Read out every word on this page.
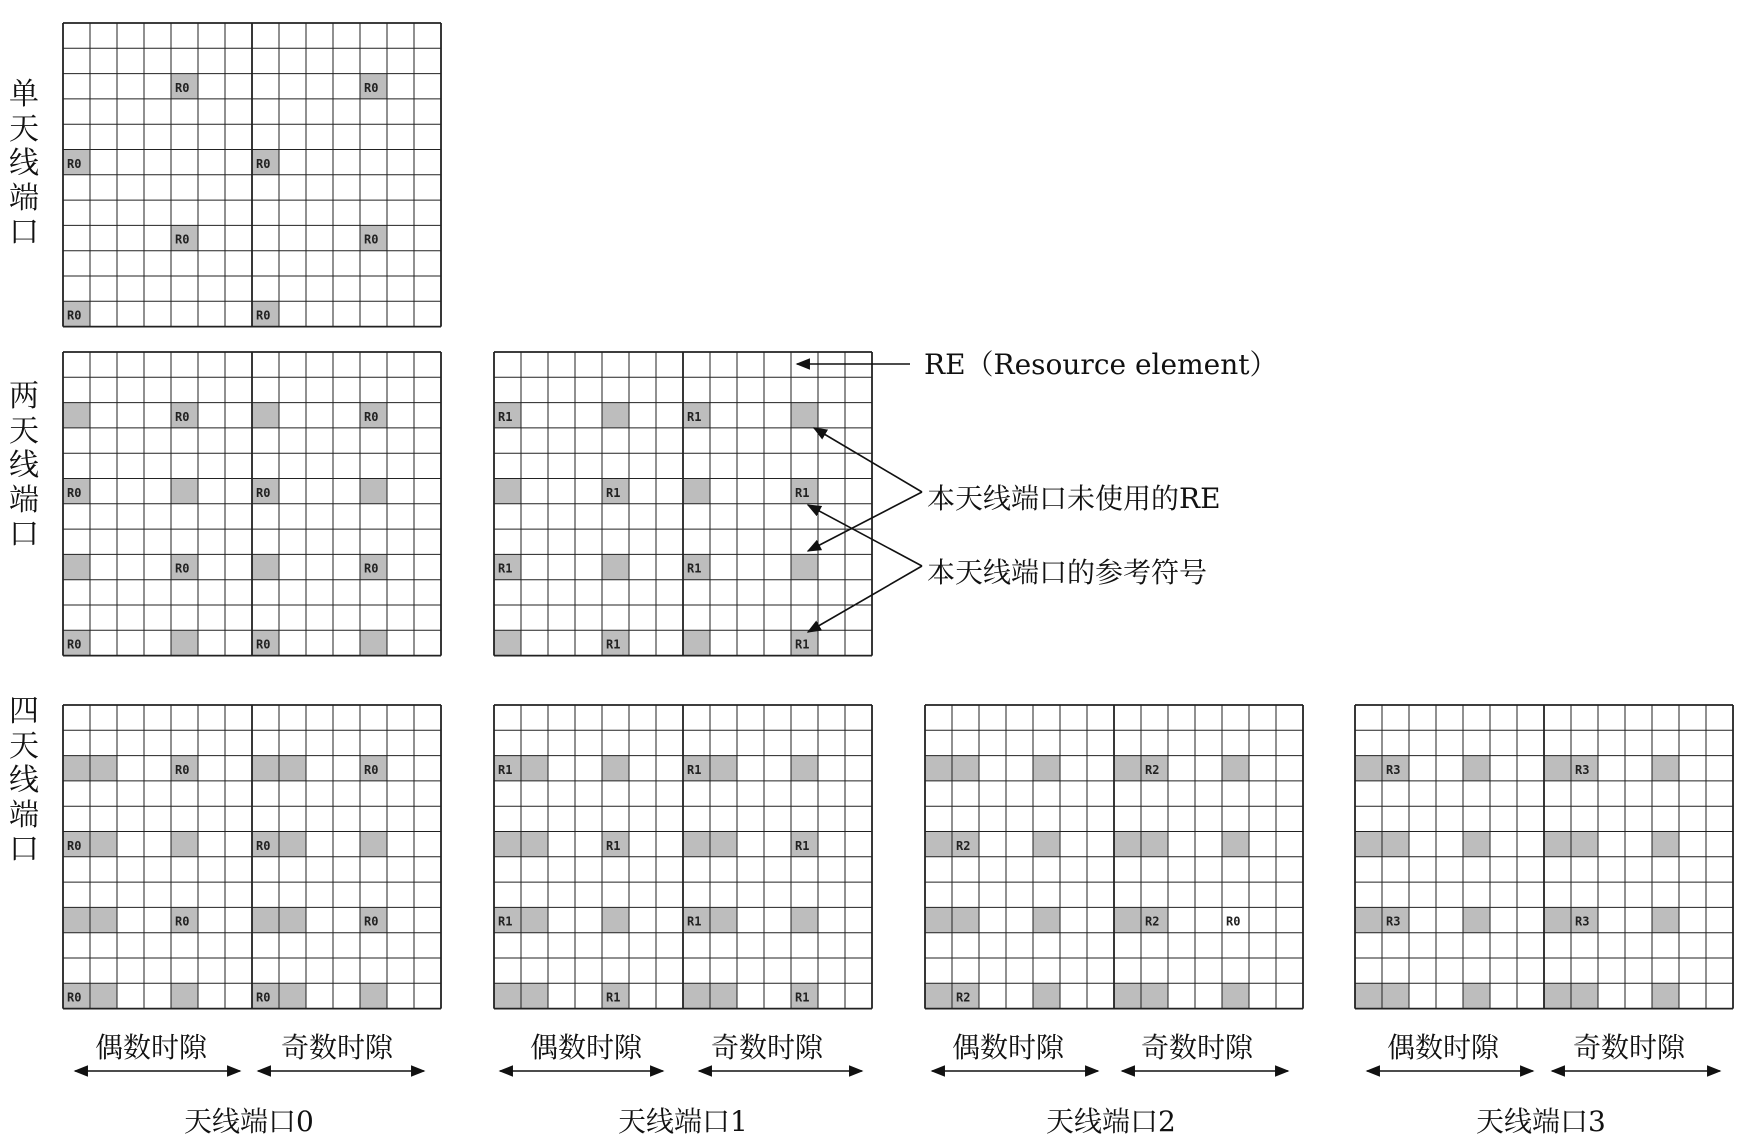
单
天
线
端
口
两
天
线
端
口
四
天
线
端
口
R0	R0
R0	R0
R0	R0
R0	R0
R0	R0
R0	R0
R0	R0
R0	R0
R1	R1
R1	R1
R1	R1
R1	R1
R0	R0
R0	R0
R0	R0
R0	R0
R1	R1
R1	R1
R1	R1
R1	R1
R2
R2
R2	R0
R2
R3	R3
R3	R3
RE（Resource element）
本天线端口未使用的RE
本天线端口的参考符号
偶数时隙	奇数时隙	偶数时隙 奇数时隙	偶数时隙	奇数时隙	偶数时隙	奇数时隙
天线端口0	天线端口1	天线端口2	天线端口3
